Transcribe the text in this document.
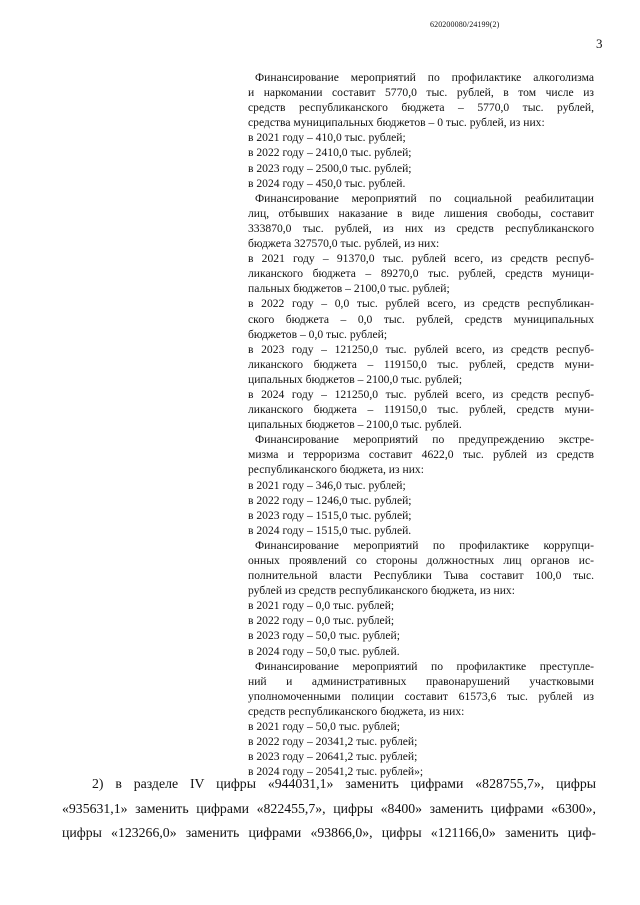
620200080/24199(2)
3
Финансирование мероприятий по профилактике алкоголизма
и наркомании составит 5770,0 тыс. рублей, в том числе из
средств республиканского бюджета – 5770,0 тыс. рублей,
средства муниципальных бюджетов – 0 тыс. рублей, из них:
в 2021 году – 410,0 тыс. рублей;
в 2022 году – 2410,0 тыс. рублей;
в 2023 году – 2500,0 тыс. рублей;
в 2024 году – 450,0 тыс. рублей.
Финансирование мероприятий по социальной реабилитации
лиц, отбывших наказание в виде лишения свободы, составит
333870,0 тыс. рублей, из них из средств республиканского
бюджета 327570,0 тыс. рублей, из них:
в 2021 году – 91370,0 тыс. рублей всего, из средств респуб-
ликанского бюджета – 89270,0 тыс. рублей, средств муници-
пальных бюджетов – 2100,0 тыс. рублей;
в 2022 году – 0,0 тыс. рублей всего, из средств республикан-
ского бюджета – 0,0 тыс. рублей, средств муниципальных
бюджетов – 0,0 тыс. рублей;
в 2023 году – 121250,0 тыс. рублей всего, из средств респуб-
ликанского бюджета – 119150,0 тыс. рублей, средств муни-
ципальных бюджетов – 2100,0 тыс. рублей;
в 2024 году – 121250,0 тыс. рублей всего, из средств респуб-
ликанского бюджета – 119150,0 тыс. рублей, средств муни-
ципальных бюджетов – 2100,0 тыс. рублей.
Финансирование мероприятий по предупреждению экстре-
мизма и терроризма составит 4622,0 тыс. рублей из средств
республиканского бюджета, из них:
в 2021 году – 346,0 тыс. рублей;
в 2022 году – 1246,0 тыс. рублей;
в 2023 году – 1515,0 тыс. рублей;
в 2024 году – 1515,0 тыс. рублей.
Финансирование мероприятий по профилактике коррупци-
онных проявлений со стороны должностных лиц органов ис-
полнительной власти Республики Тыва составит 100,0 тыс.
рублей из средств республиканского бюджета, из них:
в 2021 году – 0,0 тыс. рублей;
в 2022 году – 0,0 тыс. рублей;
в 2023 году – 50,0 тыс. рублей;
в 2024 году – 50,0 тыс. рублей.
Финансирование мероприятий по профилактике преступле-
ний и административных правонарушений участковыми
уполномоченными полиции составит 61573,6 тыс. рублей из
средств республиканского бюджета, из них:
в 2021 году – 50,0 тыс. рублей;
в 2022 году – 20341,2 тыс. рублей;
в 2023 году – 20641,2 тыс. рублей;
в 2024 году – 20541,2 тыс. рублей»;
2) в разделе IV цифры «944031,1» заменить цифрами «828755,7», цифры
«935631,1» заменить цифрами «822455,7», цифры «8400» заменить цифрами «6300»,
цифры «123266,0» заменить цифрами «93866,0», цифры «121166,0» заменить циф-
